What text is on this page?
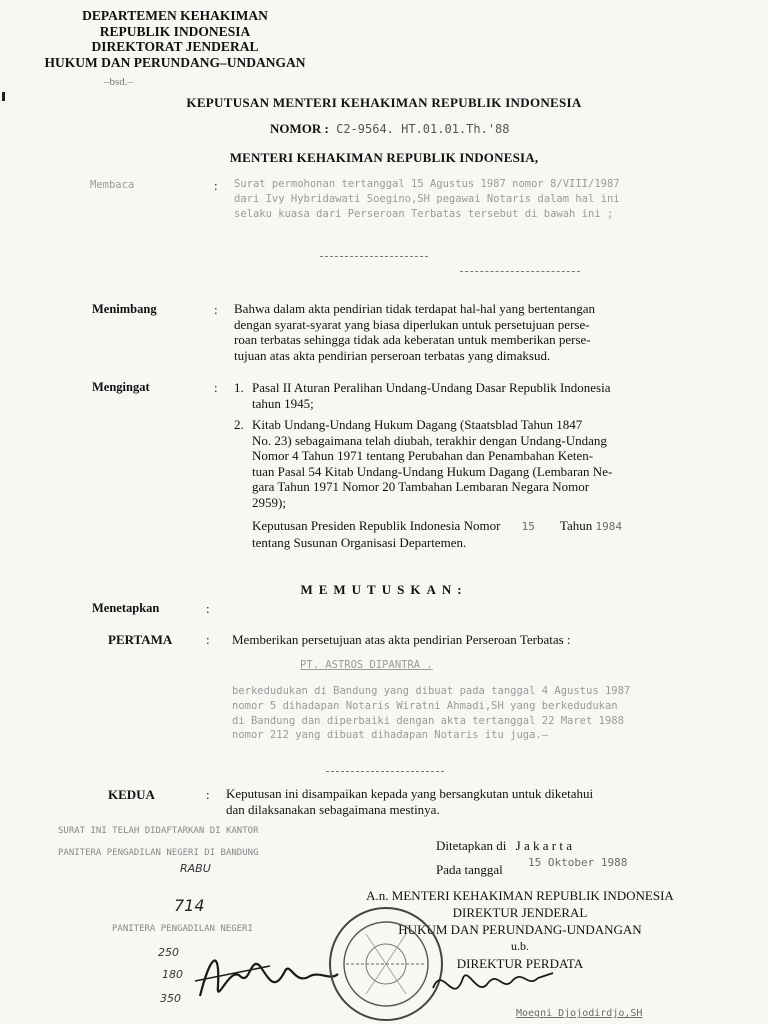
DEPARTEMEN KEHAKIMAN
REPUBLIK INDONESIA
DIREKTORAT JENDERAL
HUKUM DAN PERUNDANG–UNDANGAN
–bsd.–
KEPUTUSAN MENTERI KEHAKIMAN REPUBLIK INDONESIA
NOMOR : C2-9564. HT.01.01.Th.'88
MENTERI KEHAKIMAN REPUBLIK INDONESIA,
Membaca	: Surat permohonan tertanggal 15 Agustus 1987 nomor 8/VIII/1987
dari Ivy Hybridawati Soegino,SH pegawai Notaris dalam hal ini
selaku kuasa dari Perseroan Terbatas tersebut di bawah ini ;
Menimbang	: Bahwa dalam akta pendirian tidak terdapat hal-hal yang bertentangan
dengan syarat-syarat yang biasa diperlukan untuk persetujuan perse-
roan terbatas sehingga tidak ada keberatan untuk memberikan perse-
tujuan atas akta pendirian perseroan terbatas yang dimaksud.
Mengingat	: 1. Pasal II Aturan Peralihan Undang-Undang Dasar Republik Indonesia
tahun 1945;
2. Kitab Undang-Undang Hukum Dagang (Staatsblad Tahun 1847
No. 23) sebagaimana telah diubah, terakhir dengan Undang-Undang
Nomor 4 Tahun 1971 tentang Perubahan dan Penambahan Keten-
tuan Pasal 54 Kitab Undang-Undang Hukum Dagang (Lembaran Ne-
gara Tahun 1971 Nomor 20 Tambahan Lembaran Negara Nomor
2959);
Keputusan Presiden Republik Indonesia Nomor 15 Tahun 1984
tentang Susunan Organisasi Departemen.
MEMUTUSKAN:
Menetapkan	:
PERTAMA	: Memberikan persetujuan atas akta pendirian Perseroan Terbatas :
PT. ASTROS DIPANTRA .
berkedudukan di Bandung yang dibuat pada tanggal 4 Agustus 1987
nomor 5 dihadapan Notaris Wiratni Ahmadi,SH yang berkedudukan
di Bandung dan diperbaiki dengan akta tertanggal 22 Maret 1988
nomor 212 yang dibuat dihadapan Notaris itu juga.–
KEDUA	: Keputusan ini disampaikan kepada yang bersangkutan untuk diketahui
dan dilaksanakan sebagaimana mestinya.
SURAT INI TELAH DIDAFTARKAN DI KANTOR
PANITERA PENGADILAN NEGERI DI BANDUNG
RABU
714
PANITERA PENGADILAN NEGERI
250
180
350
Ditetapkan di J a k a r t a
Pada tanggal 15 Oktober 1988
A.n. MENTERI KEHAKIMAN REPUBLIK INDONESIA
DIREKTUR JENDERAL
HUKUM DAN PERUNDANG-UNDANGAN
u.b.
DIREKTUR PERDATA
Moegni Djojodirdjo,SH
